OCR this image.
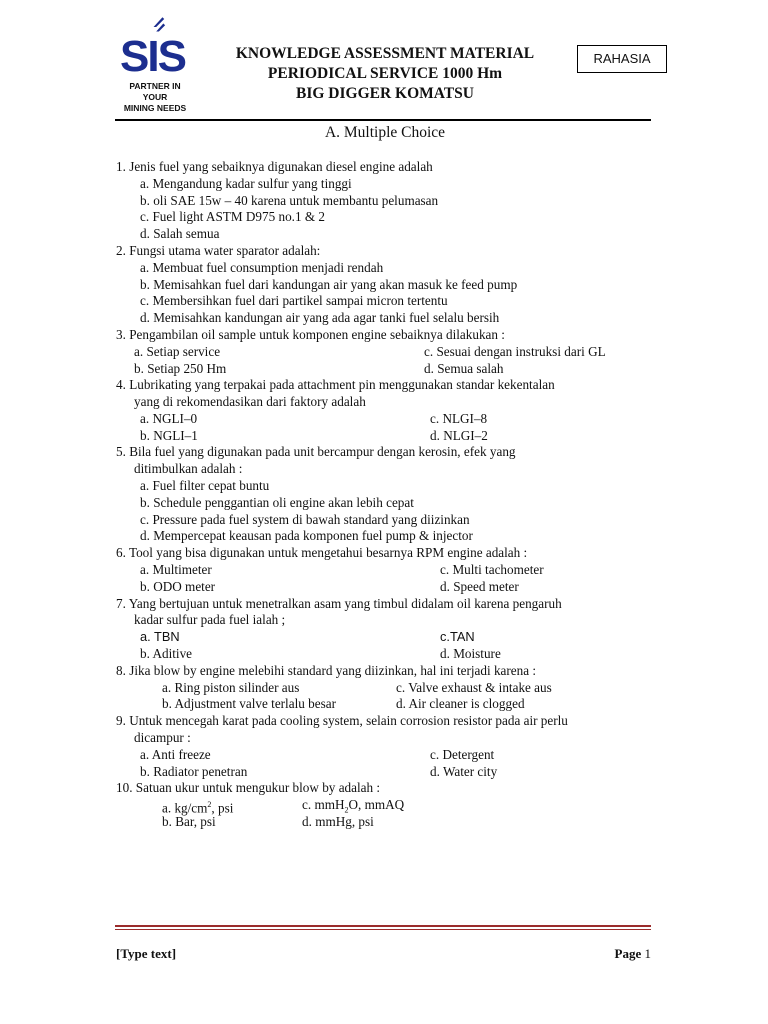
SIS
PARTNER IN YOUR
MINING NEEDS
KNOWLEDGE ASSESSMENT MATERIAL
PERIODICAL SERVICE 1000 Hm
BIG DIGGER KOMATSU
RAHASIA
A. Multiple Choice
1. Jenis fuel yang sebaiknya digunakan diesel engine adalah
a. Mengandung kadar sulfur yang tinggi
b. oli SAE 15w – 40 karena untuk membantu pelumasan
c. Fuel light ASTM D975 no.1 & 2
d. Salah semua
2. Fungsi utama water sparator adalah:
a. Membuat fuel consumption menjadi rendah
b. Memisahkan fuel dari kandungan air yang akan masuk ke feed pump
c. Membersihkan fuel dari partikel sampai micron tertentu
d. Memisahkan kandungan air yang ada agar tanki fuel selalu bersih
3. Pengambilan oil sample untuk komponen engine sebaiknya dilakukan :
a. Setiap service	c. Sesuai dengan instruksi dari GL
b. Setiap 250 Hm	d. Semua salah
4. Lubrikating yang terpakai pada attachment pin menggunakan standar kekentalan
yang di rekomendasikan dari faktory adalah
a. NGLI–0	c. NLGI–8
b. NGLI–1	d. NLGI–2
5. Bila fuel yang digunakan pada unit bercampur dengan kerosin, efek yang
ditimbulkan adalah :
a. Fuel filter cepat buntu
b. Schedule penggantian oli engine akan lebih cepat
c. Pressure pada fuel system di bawah standard yang diizinkan
d. Mempercepat keausan pada komponen fuel pump & injector
6. Tool yang bisa digunakan untuk mengetahui besarnya RPM engine adalah :
a. Multimeter	c. Multi tachometer
b. ODO meter	d. Speed meter
7. Yang bertujuan untuk menetralkan asam yang timbul didalam oil karena pengaruh
kadar sulfur pada fuel ialah ;
a. TBN	c.TAN
b. Aditive	d. Moisture
8. Jika blow by engine melebihi standard yang diizinkan, hal ini terjadi karena :
a. Ring piston silinder aus	c. Valve exhaust & intake aus
b. Adjustment valve terlalu besar	d. Air cleaner is clogged
9. Untuk mencegah karat pada cooling system, selain corrosion resistor pada air perlu
dicampur :
a. Anti freeze	c. Detergent
b. Radiator penetran	d. Water city
10. Satuan ukur untuk mengukur blow by adalah :
a. $kg/cm^2$, psi	c. mmH$_2$O, mmAQ
b. Bar, psi	d. mmHg, psi
[Type text]	Page 1
